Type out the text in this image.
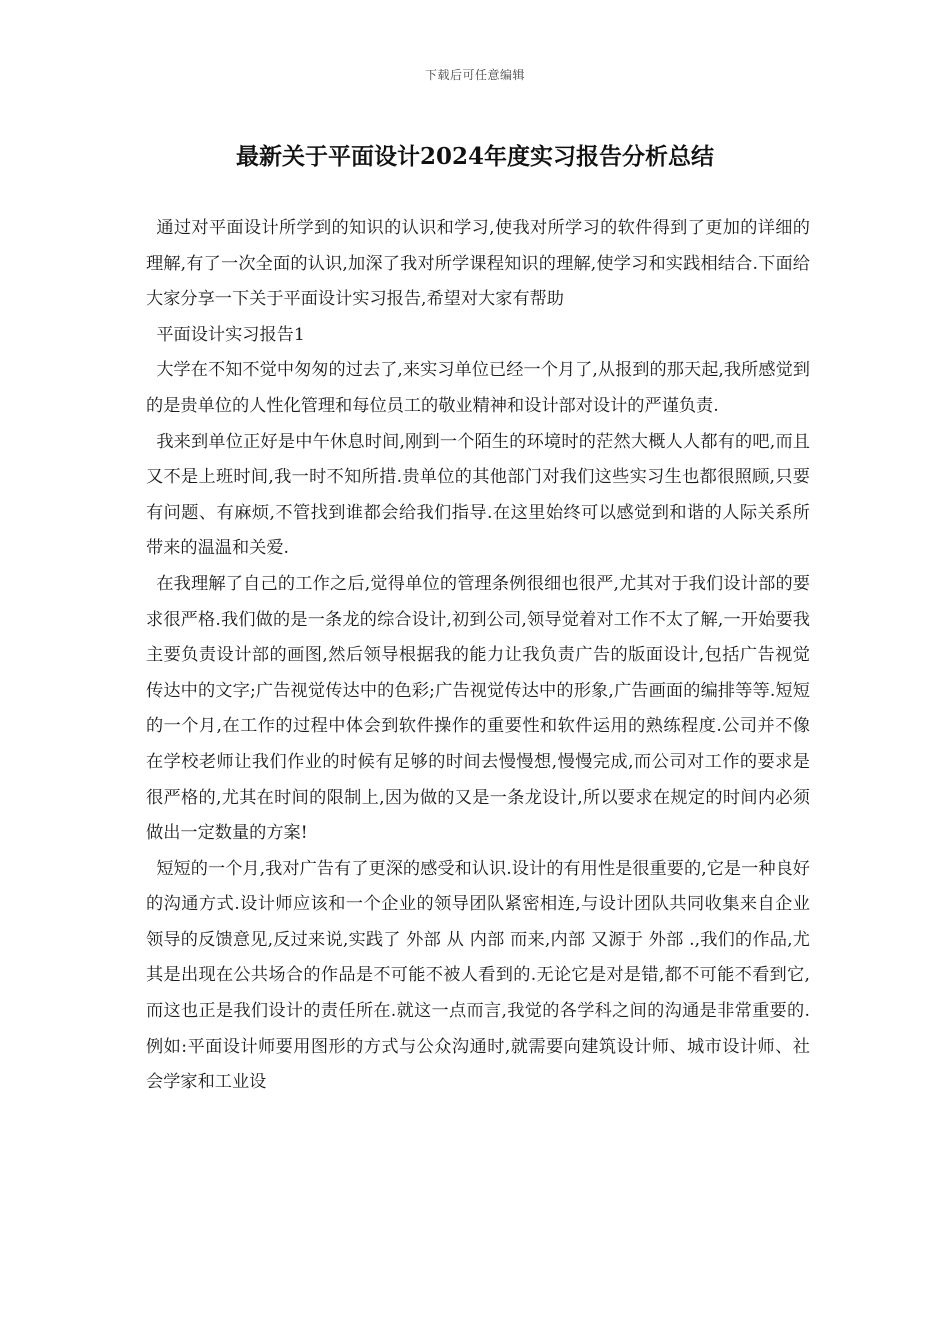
下载后可任意编辑
最新关于平面设计2024年度实习报告分析总结

通过对平面设计所学到的知识的认识和学习,使我对所学习的软件得到了更加的详细的理解,有了一次全面的认识,加深了我对所学课程知识的理解,使学习和实践相结合.下面给大家分享一下关于平面设计实习报告,希望对大家有帮助

平面设计实习报告1

大学在不知不觉中匆匆的过去了,来实习单位已经一个月了,从报到的那天起,我所感觉到的是贵单位的人性化管理和每位员工的敬业精神和设计部对设计的严谨负责.

我来到单位正好是中午休息时间,刚到一个陌生的环境时的茫然大概人人都有的吧,而且又不是上班时间,我一时不知所措.贵单位的其他部门对我们这些实习生也都很照顾,只要有问题、有麻烦,不管找到谁都会给我们指导.在这里始终可以感觉到和谐的人际关系所带来的温温和关爱.

在我理解了自己的工作之后,觉得单位的管理条例很细也很严,尤其对于我们设计部的要求很严格.我们做的是一条龙的综合设计,初到公司,领导觉着对工作不太了解,一开始要我主要负责设计部的画图,然后领导根据我的能力让我负责广告的版面设计,包括广告视觉传达中的文字;广告视觉传达中的色彩;广告视觉传达中的形象,广告画面的编排等等.短短的一个月,在工作的过程中体会到软件操作的重要性和软件运用的熟练程度.公司并不像在学校老师让我们作业的时候有足够的时间去慢慢想,慢慢完成,而公司对工作的要求是很严格的,尤其在时间的限制上,因为做的又是一条龙设计,所以要求在规定的时间内必须做出一定数量的方案!

短短的一个月,我对广告有了更深的感受和认识.设计的有用性是很重要的,它是一种良好的沟通方式.设计师应该和一个企业的领导团队紧密相连,与设计团队共同收集来自企业领导的反馈意见,反过来说,实践了 外部 从 内部 而来,内部 又源于 外部 .,我们的作品,尤其是出现在公共场合的作品是不可能不被人看到的.无论它是对是错,都不可能不看到它,而这也正是我们设计的责任所在.就这一点而言,我觉的各学科之间的沟通是非常重要的.例如:平面设计师要用图形的方式与公众沟通时,就需要向建筑设计师、城市设计师、社会学家和工业设
